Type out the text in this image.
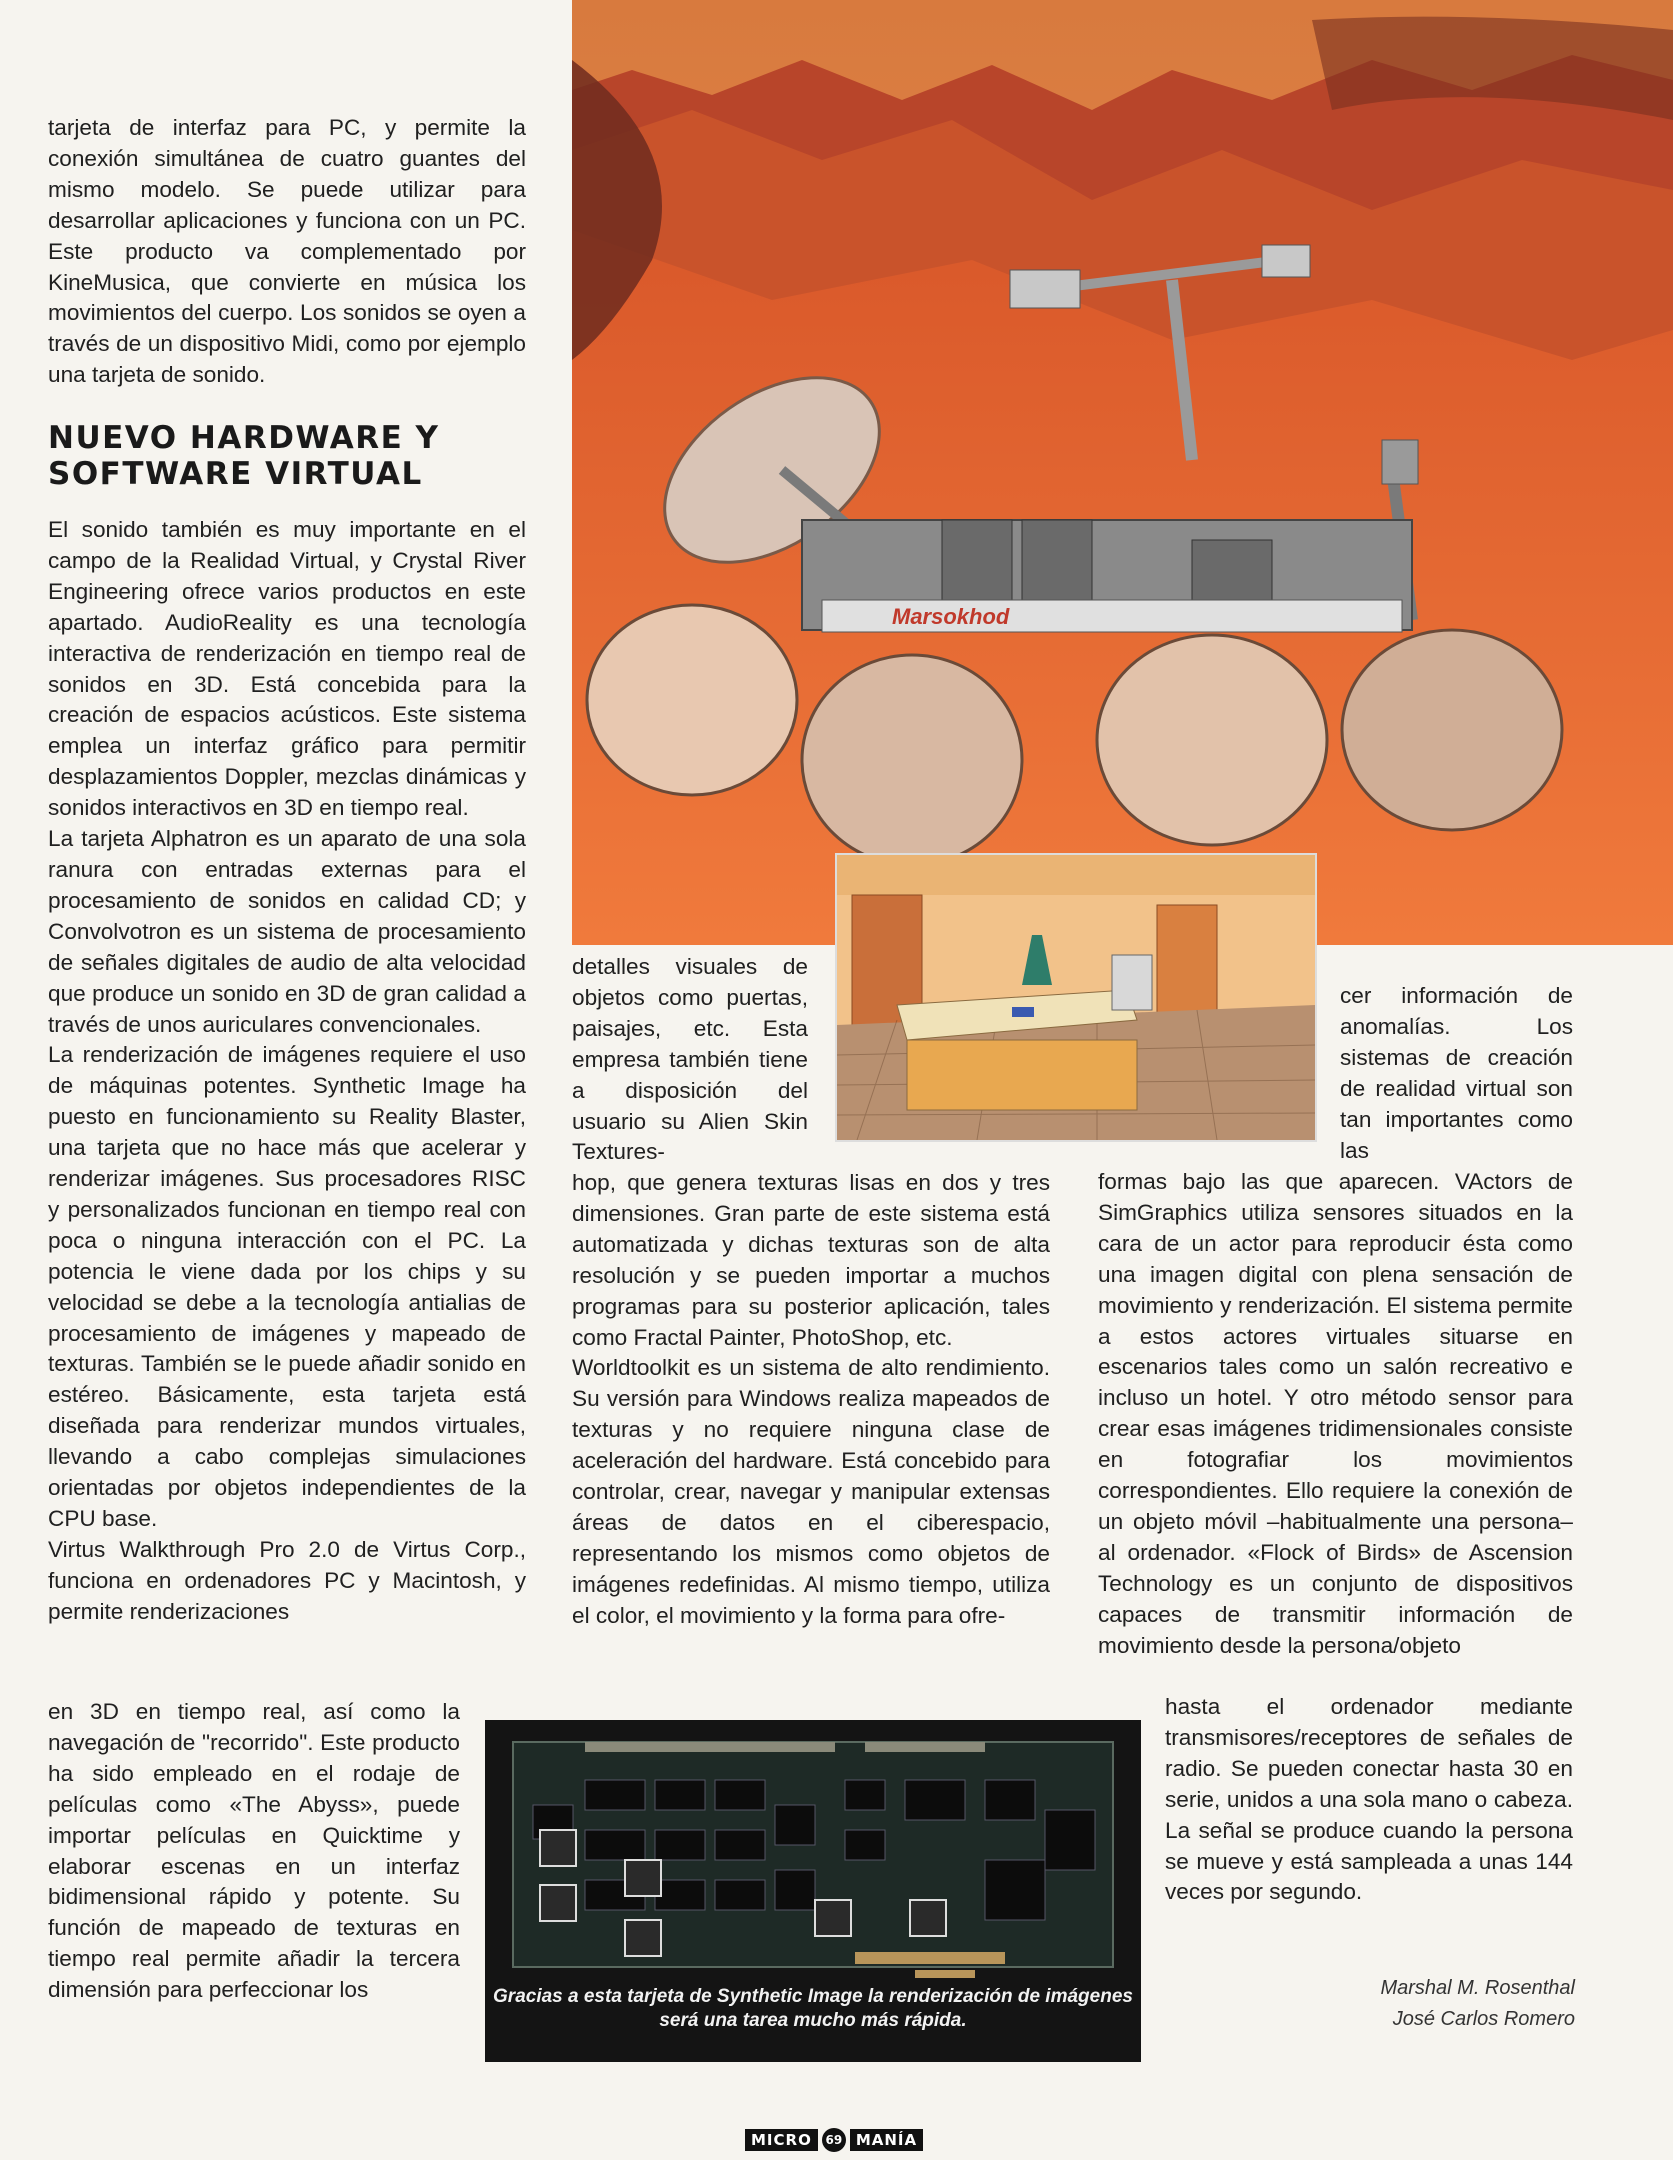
tarjeta de interfaz para PC, y permite la conexión simultánea de cuatro guantes del mismo modelo. Se puede utilizar para desarrollar aplicaciones y funciona con un PC. Este producto va complementado por KineMusica, que convierte en música los movimientos del cuerpo. Los sonidos se oyen a través de un dispositivo Midi, como por ejemplo una tarjeta de sonido.

NUEVO HARDWARE Y SOFTWARE VIRTUAL

El sonido también es muy importante en el campo de la Realidad Virtual, y Crystal River Engineering ofrece varios productos en este apartado. AudioReality es una tecnología interactiva de renderización en tiempo real de sonidos en 3D. Está concebida para la creación de espacios acústicos. Este sistema emplea un interfaz gráfico para permitir desplazamientos Doppler, mezclas dinámicas y sonidos interactivos en 3D en tiempo real.

La tarjeta Alphatron es un aparato de una sola ranura con entradas externas para el procesamiento de sonidos en calidad CD; y Convolvotron es un sistema de procesamiento de señales digitales de audio de alta velocidad que produce un sonido en 3D de gran calidad a través de unos auriculares convencionales.

La renderización de imágenes requiere el uso de máquinas potentes. Synthetic Image ha puesto en funcionamiento su Reality Blaster, una tarjeta que no hace más que acelerar y renderizar imágenes. Sus procesadores RISC y personalizados funcionan en tiempo real con poca o ninguna interacción con el PC. La potencia le viene dada por los chips y su velocidad se debe a la tecnología antialias de procesamiento de imágenes y mapeado de texturas. También se le puede añadir sonido en estéreo. Básicamente, esta tarjeta está diseñada para renderizar mundos virtuales, llevando a cabo complejas simulaciones orientadas por objetos independientes de la CPU base.

Virtus Walkthrough Pro 2.0 de Virtus Corp., funciona en ordenadores PC y Macintosh, y permite renderizaciones

en 3D en tiempo real, así como la navegación de "recorrido". Este producto ha sido empleado en el rodaje de películas como «The Abyss», puede importar películas en Quicktime y elaborar escenas en un interfaz bidimensional rápido y potente. Su función de mapeado de texturas en tiempo real permite añadir la tercera dimensión para perfeccionar los

detalles visuales de objetos como puertas, paisajes, etc. Esta empresa también tiene a disposición del usuario su Alien Skin Textures-

hop, que genera texturas lisas en dos y tres dimensiones. Gran parte de este sistema está automatizada y dichas texturas son de alta resolución y se pueden importar a muchos programas para su posterior aplicación, tales como Fractal Painter, PhotoShop, etc.

Worldtoolkit es un sistema de alto rendimiento. Su versión para Windows realiza mapeados de texturas y no requiere ninguna clase de aceleración del hardware. Está concebido para controlar, crear, navegar y manipular extensas áreas de datos en el ciberespacio, representando los mismos como objetos de imágenes redefinidas. Al mismo tiempo, utiliza el color, el movimiento y la forma para ofre-

cer información de anomalías. Los sistemas de creación de realidad virtual son tan importantes como las

formas bajo las que aparecen. VActors de SimGraphics utiliza sensores situados en la cara de un actor para reproducir ésta como una imagen digital con plena sensación de movimiento y renderización. El sistema permite a estos actores virtuales situarse en escenarios tales como un salón recreativo e incluso un hotel. Y otro método sensor para crear esas imágenes tridimensionales consiste en fotografiar los movimientos correspondientes. Ello requiere la conexión de un objeto móvil –habitualmente una persona– al ordenador. «Flock of Birds» de Ascension Technology es un conjunto de dispositivos capaces de transmitir información de movimiento desde la persona/objeto

hasta el ordenador mediante transmisores/receptores de señales de radio. Se pueden conectar hasta 30 en serie, unidos a una sola mano o cabeza. La señal se produce cuando la persona se mueve y está sampleada a unas 144 veces por segundo.

Marsokhod
Gracias a esta tarjeta de Synthetic Image la renderización de imágenes será una tarea mucho más rápida.
Marshal M. Rosenthal
José Carlos Romero
MICRO	69 MANÍA
